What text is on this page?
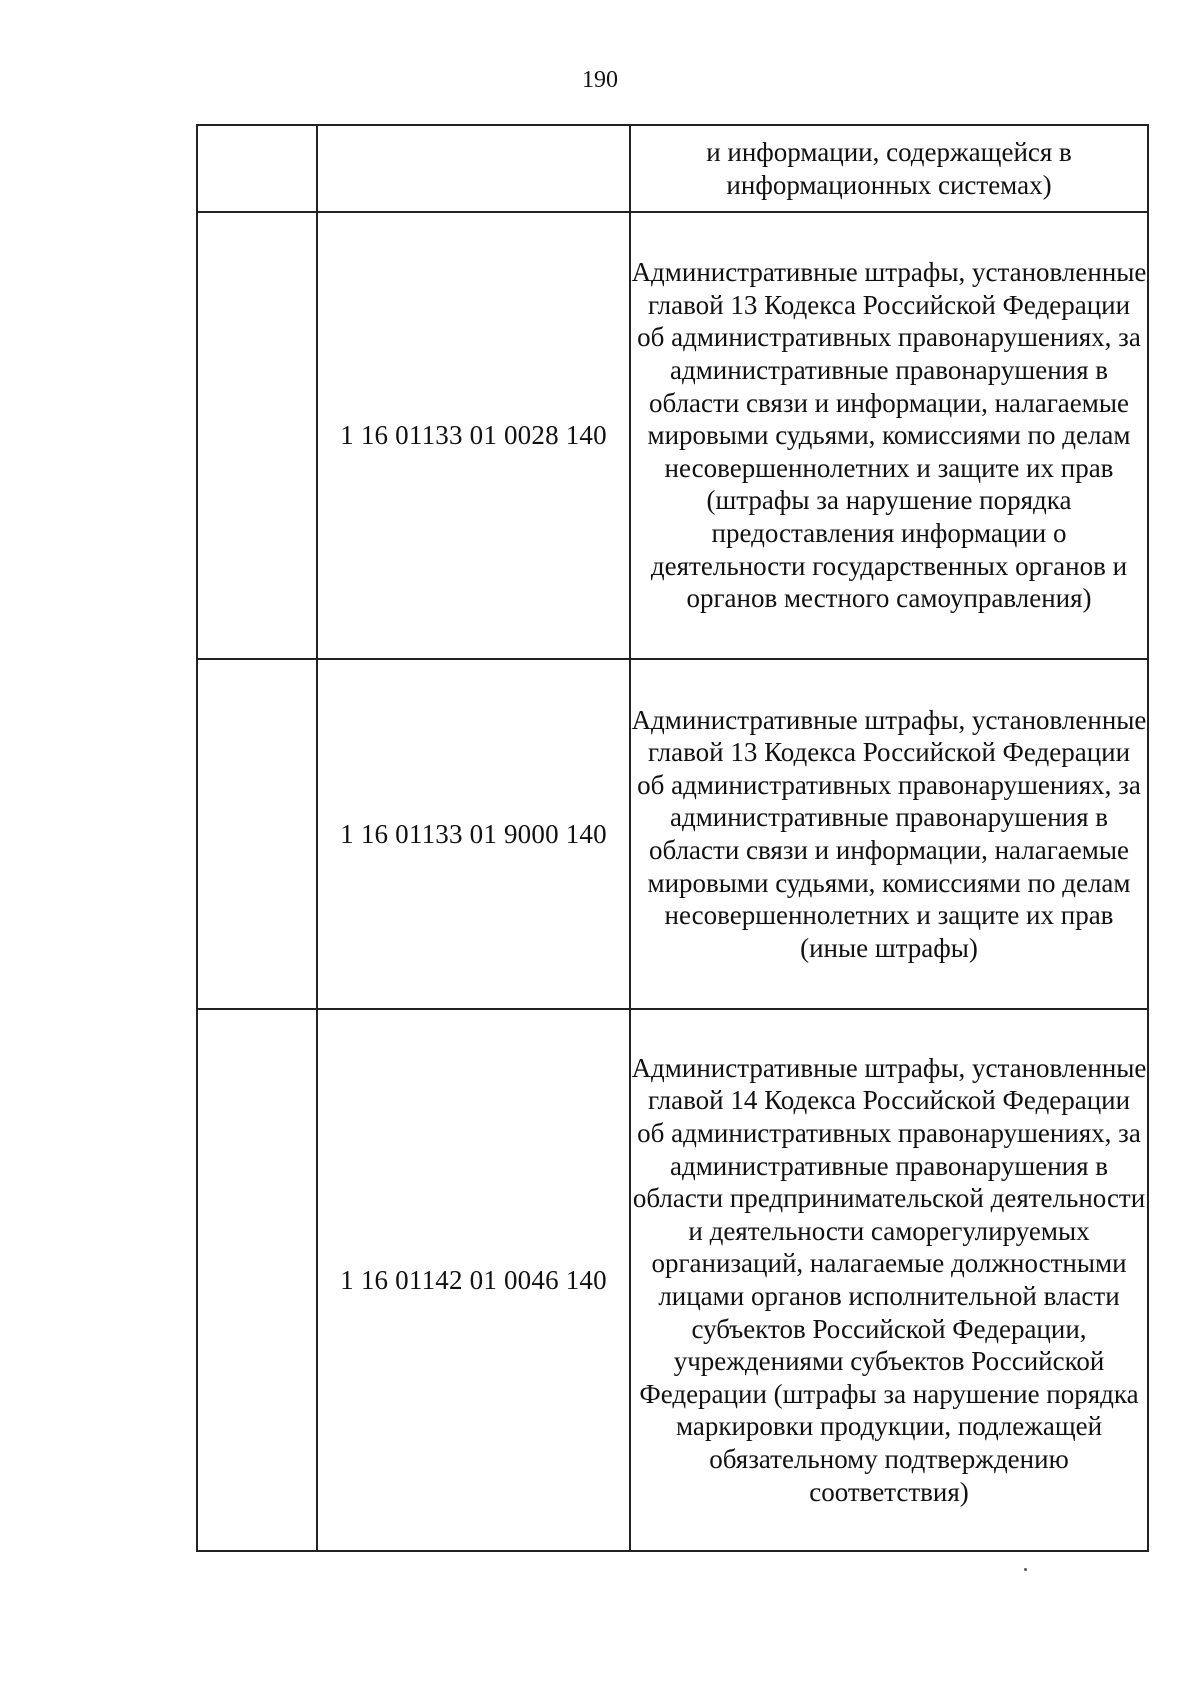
190
		и информации, содержащейся в информационных системах)
	1 16 01133 01 0028 140	Административные штрафы, установленные главой 13 Кодекса Российской Федерации об административных правонарушениях, за административные правонарушения в области связи и информации, налагаемые мировыми судьями, комиссиями по делам несовершеннолетних и защите их прав (штрафы за нарушение порядка предоставления информации о деятельности государственных органов и органов местного самоуправления)
	1 16 01133 01 9000 140	Административные штрафы, установленные главой 13 Кодекса Российской Федерации об административных правонарушениях, за административные правонарушения в области связи и информации, налагаемые мировыми судьями, комиссиями по делам несовершеннолетних и защите их прав (иные штрафы)
	1 16 01142 01 0046 140	Административные штрафы, установленные главой 14 Кодекса Российской Федерации об административных правонарушениях, за административные правонарушения в области предпринимательской деятельности и деятельности саморегулируемых организаций, налагаемые должностными лицами органов исполнительной власти субъектов Российской Федерации, учреждениями субъектов Российской Федерации (штрафы за нарушение порядка маркировки продукции, подлежащей обязательному подтверждению соответствия)
